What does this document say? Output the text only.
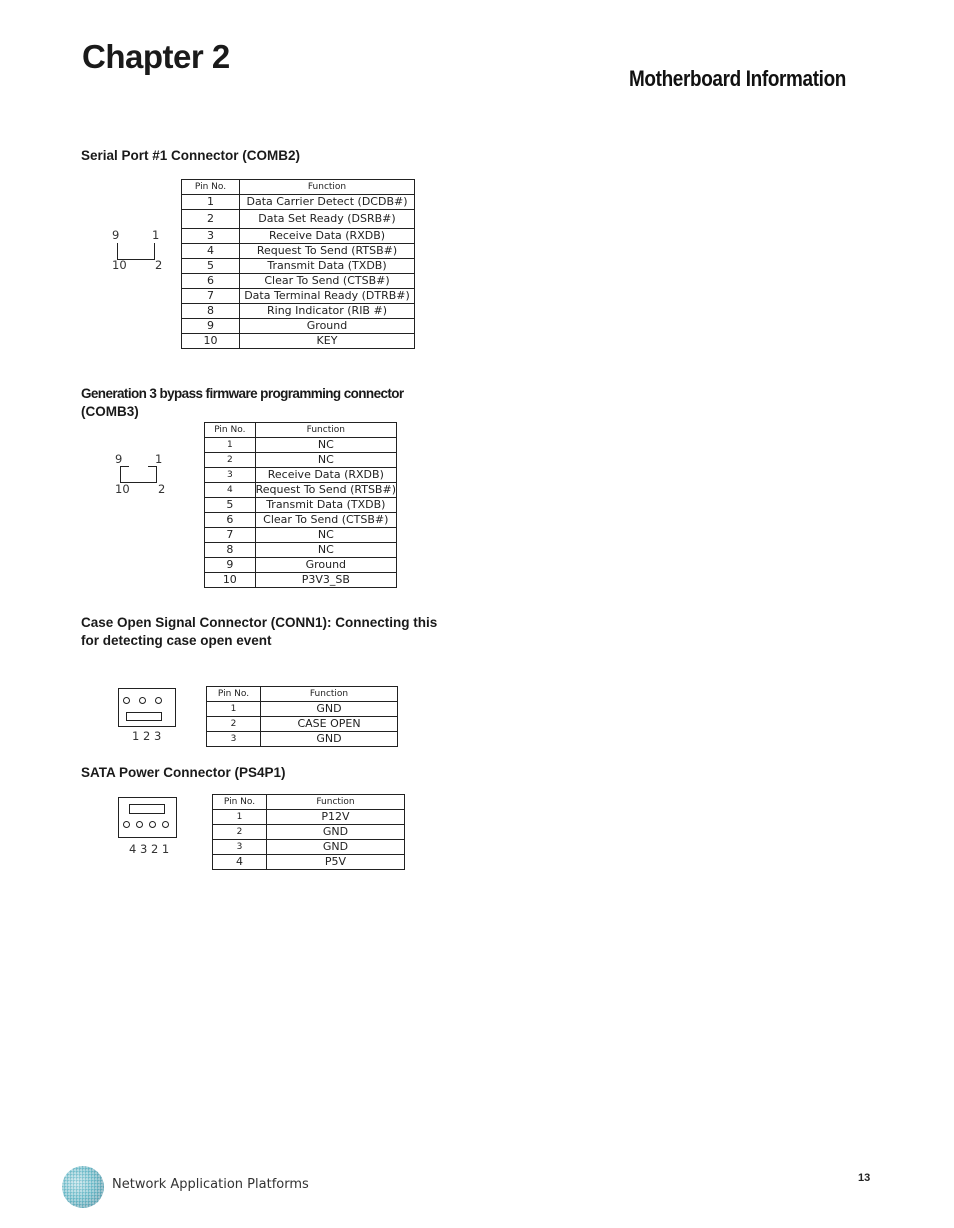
Chapter 2
Motherboard Information
Serial Port #1 Connector (COMB2)
9	1
10 2
Pin No.	Function
1	Data Carrier Detect (DCDB#)
2	Data Set Ready (DSRB#)
3	Receive Data (RXDB)
4	Request To Send (RTSB#)
5	Transmit Data (TXDB)
6	Clear To Send (CTSB#)
7	Data Terminal Ready (DTRB#)
8	Ring Indicator (RIB #)
9	Ground
10	KEY
Generation 3 bypass firmware programming connector
(COMB3)
9	1
10 2
Pin No.	Function
1	NC
2	NC
3	Receive Data (RXDB)
4	Request To Send (RTSB#)
5	Transmit Data (TXDB)
6	Clear To Send (CTSB#)
7	NC
8	NC
9	Ground
10	P3V3_SB
Case Open Signal Connector (CONN1): Connecting this
for detecting case open event
1 2 3
Pin No.	Function
1	GND
2	CASE OPEN
3	GND
SATA Power Connector (PS4P1)
4 3 2 1
Pin No.	Function
1	P12V
2	GND
3	GND
4	P5V
Network Application Platforms	13
